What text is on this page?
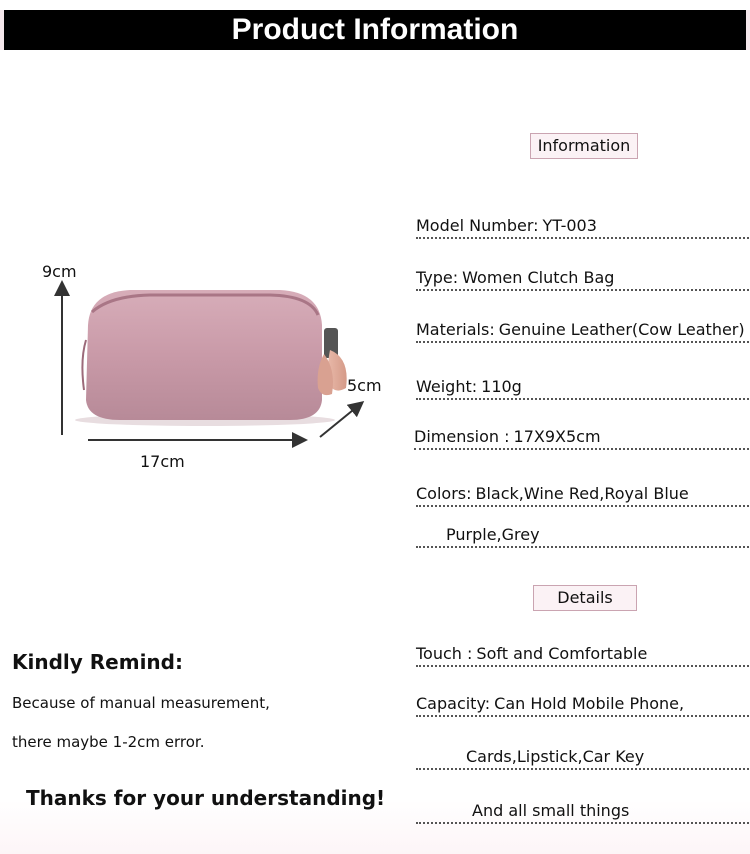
Product Information
9cm
5cm
17cm
Information
Model Number: YT-003
Type: Women Clutch Bag
Materials: Genuine Leather(Cow Leather)
Weight: 110g
Dimension : 17X9X5cm
Colors: Black,Wine Red,Royal Blue
Purple,Grey
Details
Touch : Soft and Comfortable
Capacity: Can Hold Mobile Phone,
Cards,Lipstick,Car Key
Kindly Remind:
Because of manual measurement,
there maybe 1-2cm error.
Thanks for your understanding!
And all small things
